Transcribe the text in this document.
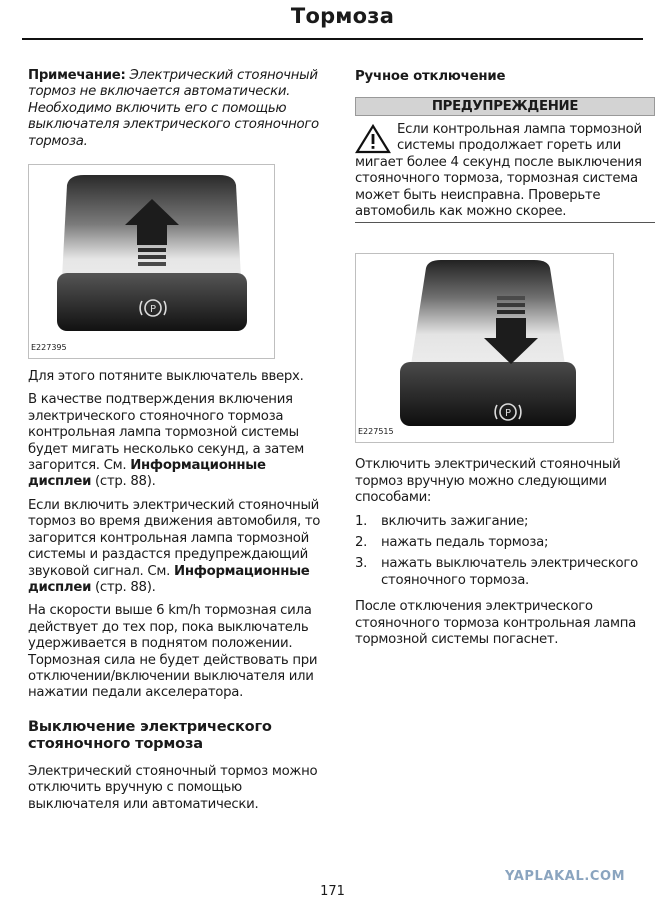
Тормоза

Примечание: Электрический стояночный тормоз не включается автоматически. Необходимо включить его с помощью выключателя электрического стояночного тормоза.

P
E227395

Для этого потяните выключатель вверх.

В качестве подтверждения включения электрического стояночного тормоза контрольная лампа тормозной системы будет мигать несколько секунд, а затем загорится. См. Информационные дисплеи (стр. 88).

Если включить электрический стояночный тормоз во время движения автомобиля, то загорится контрольная лампа тормозной системы и раздастся предупреждающий звуковой сигнал. См. Информационные дисплеи (стр. 88).

На скорости выше 6 km/h тормозная сила действует до тех пор, пока выключатель удерживается в поднятом положении. Тормозная сила не будет действовать при отключении/включении выключателя или нажатии педали акселератора.

Выключение электрического стояночного тормоза

Электрический стояночный тормоз можно отключить вручную с помощью выключателя или автоматически.

Ручное отключение
ПРЕДУПРЕЖДЕНИЕ
Если контрольная лампа тормозной системы продолжает гореть или мигает более 4 секунд после выключения стояночного тормоза, тормозная система может быть неисправна. Проверьте автомобиль как можно скорее.
P
E227515

Отключить электрический стояночный тормоз вручную можно следующими способами:

1.	включить зажигание;
2.	нажать педаль тормоза;
3.	нажать выключатель электрического стояночного тормоза.

После отключения электрического стояночного тормоза контрольная лампа тормозной системы погаснет.

YAPLAKAL.COM
171
